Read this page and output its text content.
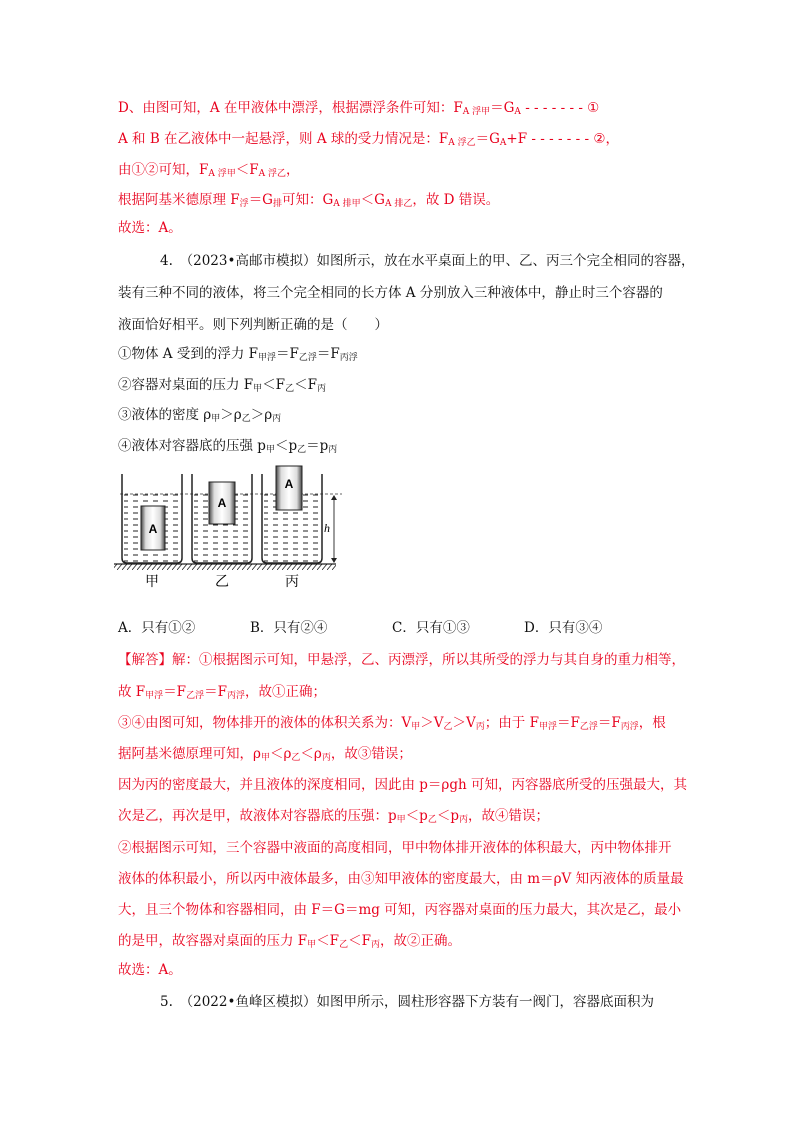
D、由图可知，A 在甲液体中漂浮，根据漂浮条件可知：$F_{A 浮甲}=G_A$ - - - - - - - ①
A 和 B 在乙液体中一起悬浮，则 A 球的受力情况是：$F_{A 浮乙}=G_A+F$ - - - - - - - ②，
由①②可知，$F_{A 浮甲}<F_{A 浮乙}$，
根据阿基米德原理 $F_浮=G_排$可知：$G_{A 排甲}<G_{A 排乙}$，故 D 错误。
故选：A。
4.　（2023•高邮市模拟）如图所示，放在水平桌面上的甲、乙、丙三个完全相同的容器，
装有三种不同的液体，将三个完全相同的长方体 A 分别放入三种液体中，静止时三个容器的
液面恰好相平。则下列判断正确的是（　　）
①物体 A 受到的浮力 $F_{甲浮}=F_{乙浮}=F_{丙浮}$
②容器对桌面的压力 $F_甲<F_乙<F_丙$
③液体的密度 $\rho_甲>\rho_乙>\rho_丙$
④液体对容器底的压强 $p_甲<p_乙=p_丙$
A
A
A
h
甲	乙	丙
A．只有①②	B．只有②④	C．只有①③	D．只有③④
【解答】解：①根据图示可知，甲悬浮，乙、丙漂浮，所以其所受的浮力与其自身的重力相等，
故 $F_{甲浮}=F_{乙浮}=F_{丙浮}$，故①正确；
③④由图可知，物体排开的液体的体积关系为：$V_甲>V_乙>V_丙$；由于 $F_{甲浮}=F_{乙浮}=F_{丙浮}$，根
据阿基米德原理可知，$\rho_甲<\rho_乙<\rho_丙$，故③错误；
因为丙的密度最大，并且液体的深度相同，因此由 p＝ρgh 可知，丙容器底所受的压强最大，其
次是乙，再次是甲，故液体对容器底的压强：$p_甲<p_乙<p_丙$，故④错误；
②根据图示可知，三个容器中液面的高度相同，甲中物体排开液体的体积最大，丙中物体排开
液体的体积最小，所以丙中液体最多，由③知甲液体的密度最大，由 m＝ρV 知丙液体的质量最
大，且三个物体和容器相同，由 F＝G＝mg 可知，丙容器对桌面的压力最大，其次是乙，最小
的是甲，故容器对桌面的压力 $F_甲<F_乙<F_丙$，故②正确。
故选：A。
5.　（2022•鱼峰区模拟）如图甲所示，圆柱形容器下方装有一阀门，容器底面积为
